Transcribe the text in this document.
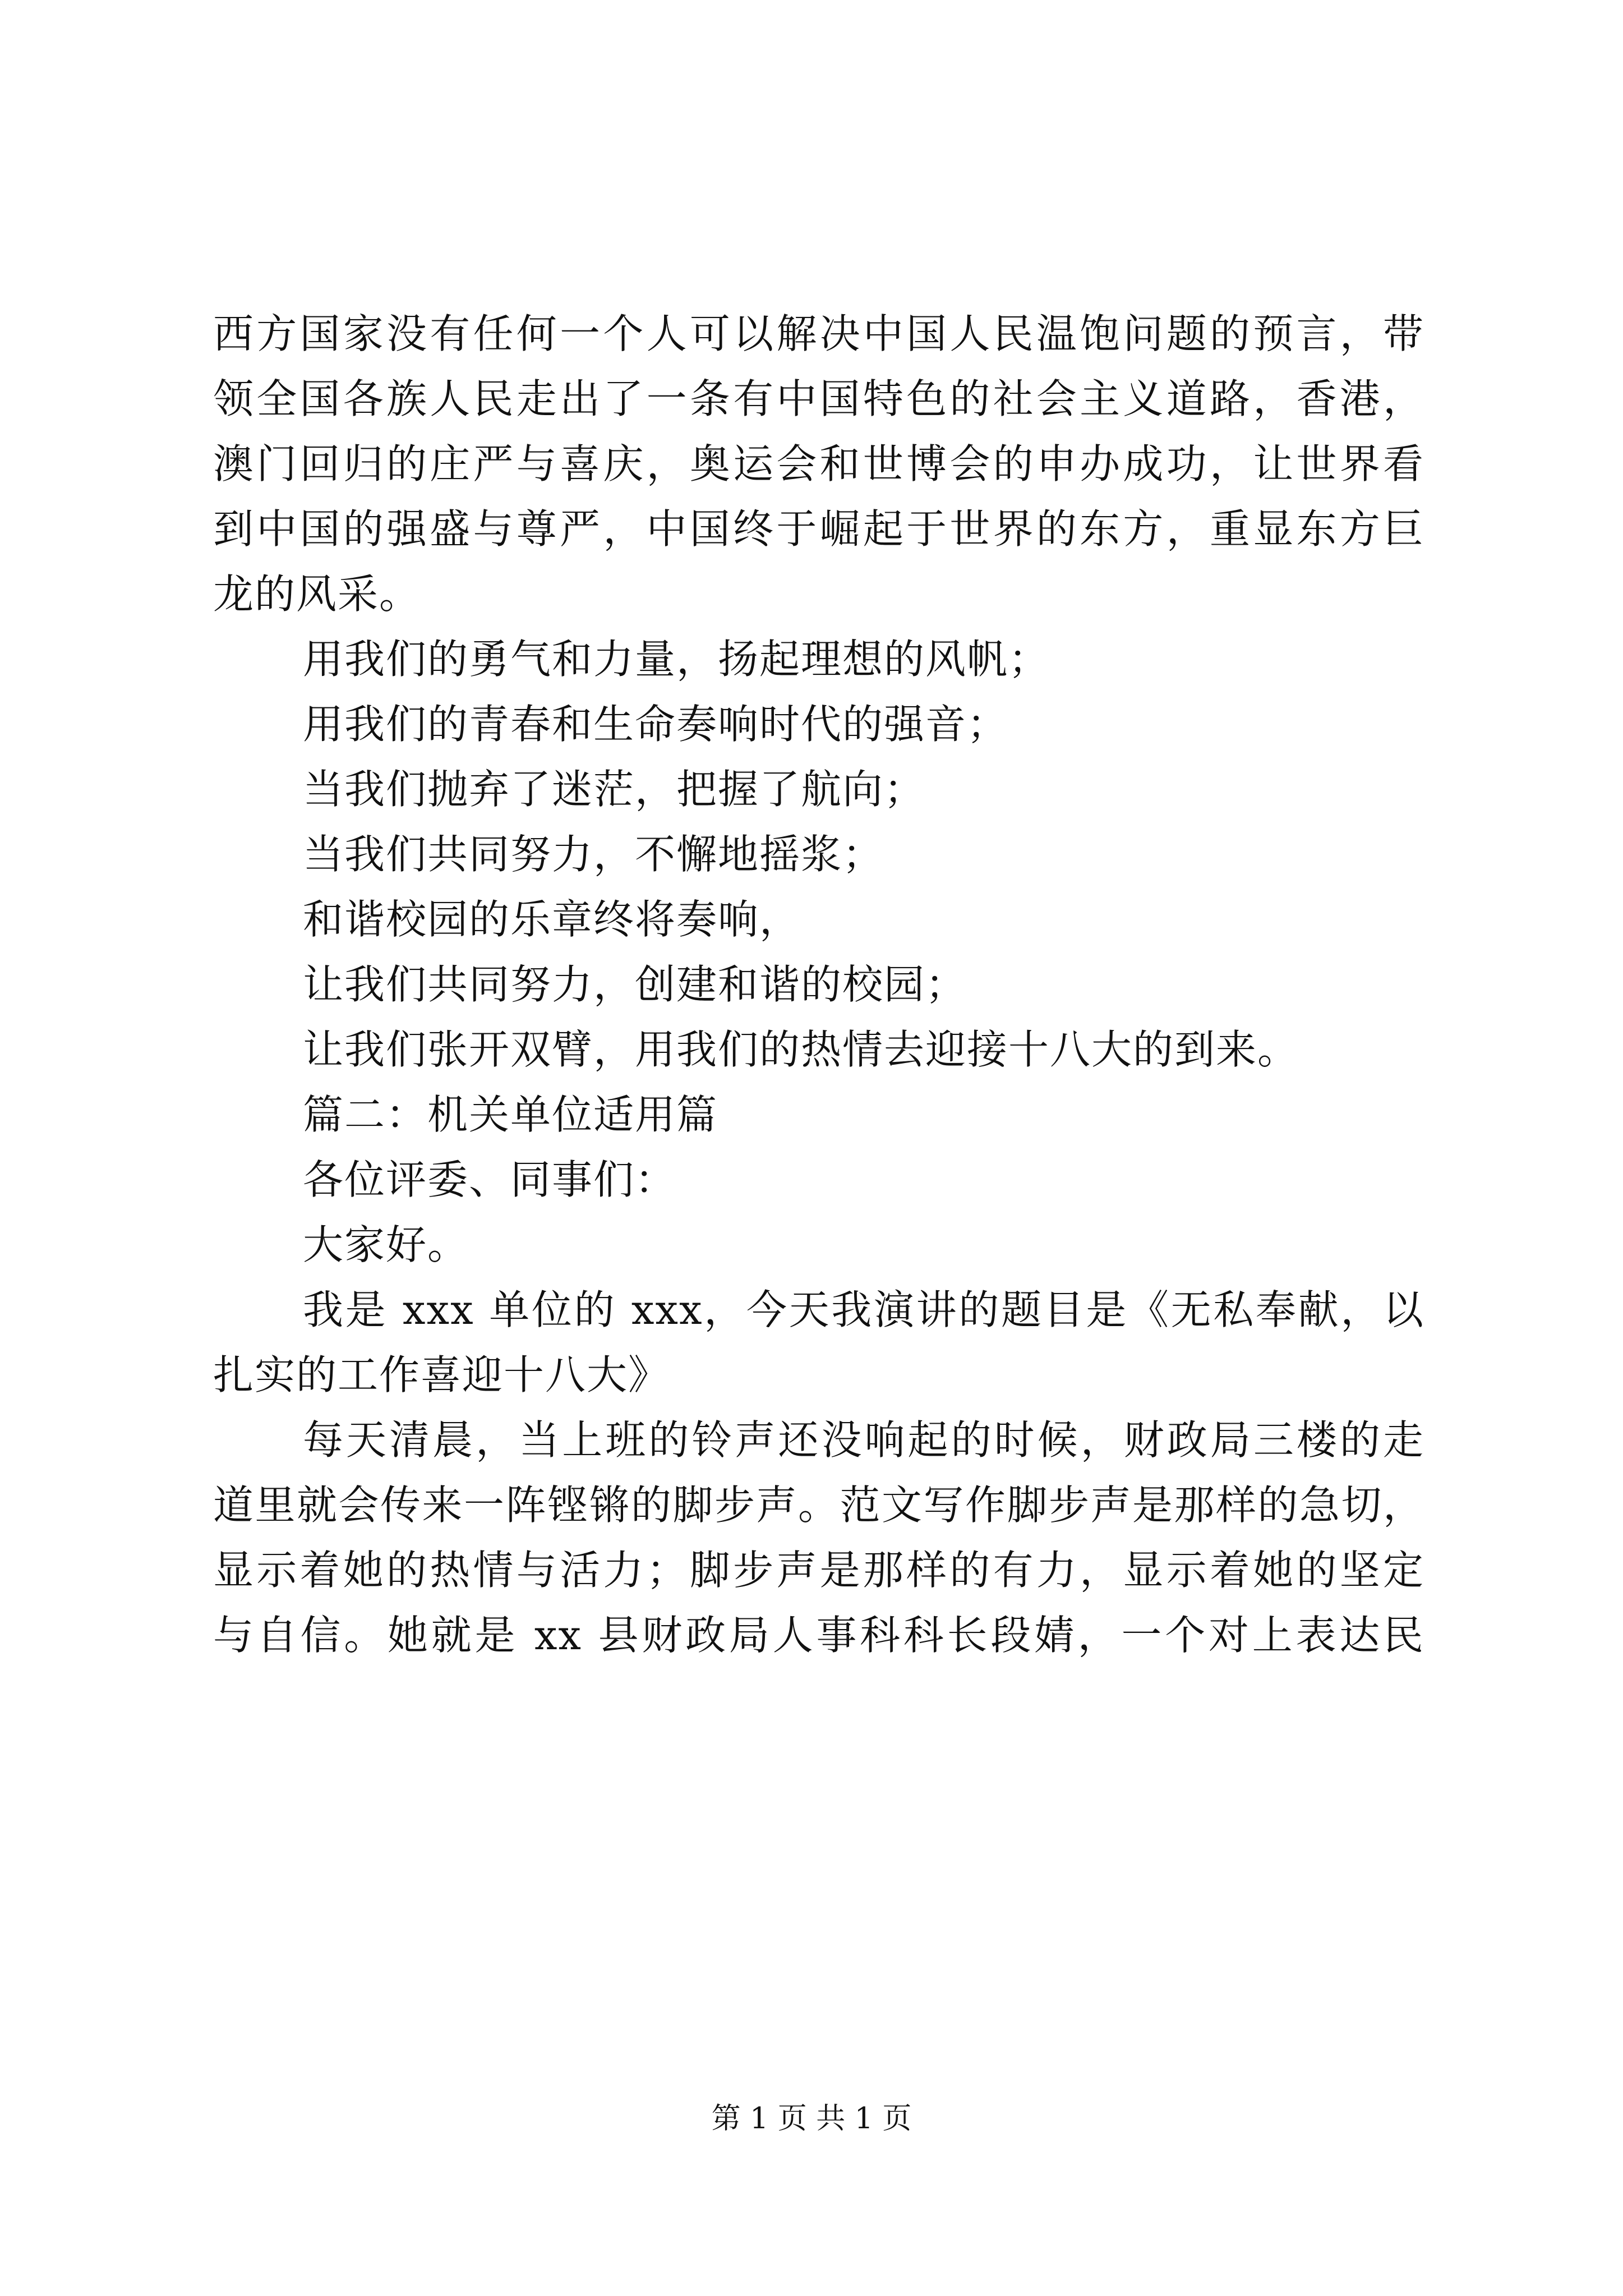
西方国家没有任何一个人可以解决中国人民温饱问题的预言，带
领全国各族人民走出了一条有中国特色的社会主义道路，香港，
澳门回归的庄严与喜庆，奥运会和世博会的申办成功，让世界看
到中国的强盛与尊严，中国终于崛起于世界的东方，重显东方巨
龙的风采。
用我们的勇气和力量，扬起理想的风帆；
用我们的青春和生命奏响时代的强音；
当我们抛弃了迷茫，把握了航向；
当我们共同努力，不懈地摇浆；
和谐校园的乐章终将奏响，
让我们共同努力，创建和谐的校园；
让我们张开双臂，用我们的热情去迎接十八大的到来。
篇二：机关单位适用篇
各位评委、同事们：
大家好。
我是 xxx 单位的 xxx，今天我演讲的题目是《无私奉献，以
扎实的工作喜迎十八大》
每天清晨，当上班的铃声还没响起的时候，财政局三楼的走
道里就会传来一阵铿锵的脚步声。范文写作脚步声是那样的急切，
显示着她的热情与活力；脚步声是那样的有力，显示着她的坚定
与自信。她就是 xx 县财政局人事科科长段婧，一个对上表达民
第 1 页 共 1 页
